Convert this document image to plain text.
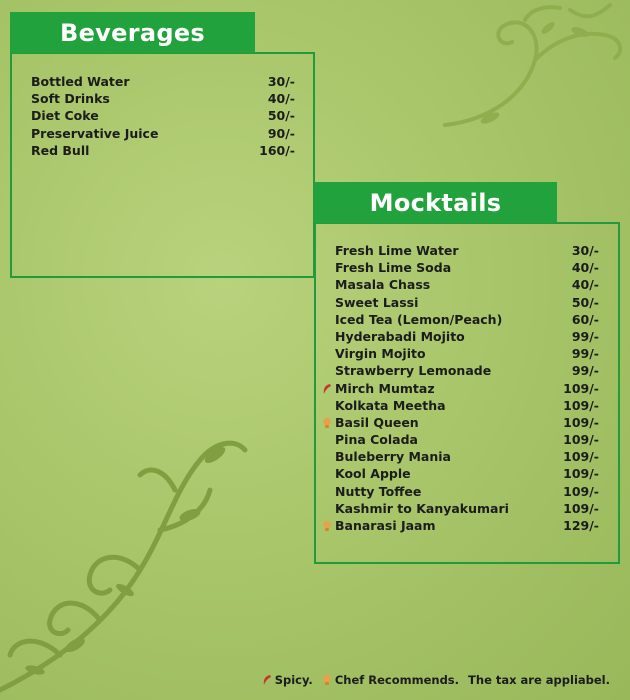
Beverages
Bottled Water	30/-
Soft Drinks	40/-
Diet Coke	50/-
Preservative Juice	90/-
Red Bull	160/-
Mocktails
Fresh Lime Water	30/-
Fresh Lime Soda	40/-
Masala Chass	40/-
Sweet Lassi	50/-
Iced Tea (Lemon/Peach)	60/-
Hyderabadi Mojito	99/-
Virgin Mojito	99/-
Strawberry Lemonade	99/-
Mirch Mumtaz	109/-
Kolkata Meetha	109/-
Basil Queen	109/-
Pina Colada	109/-
Buleberry Mania	109/-
Kool Apple	109/-
Nutty Toffee	109/-
Kashmir to Kanyakumari	109/-
Banarasi Jaam	129/-
Spicy. Chef Recommends. The tax are appliabel.
